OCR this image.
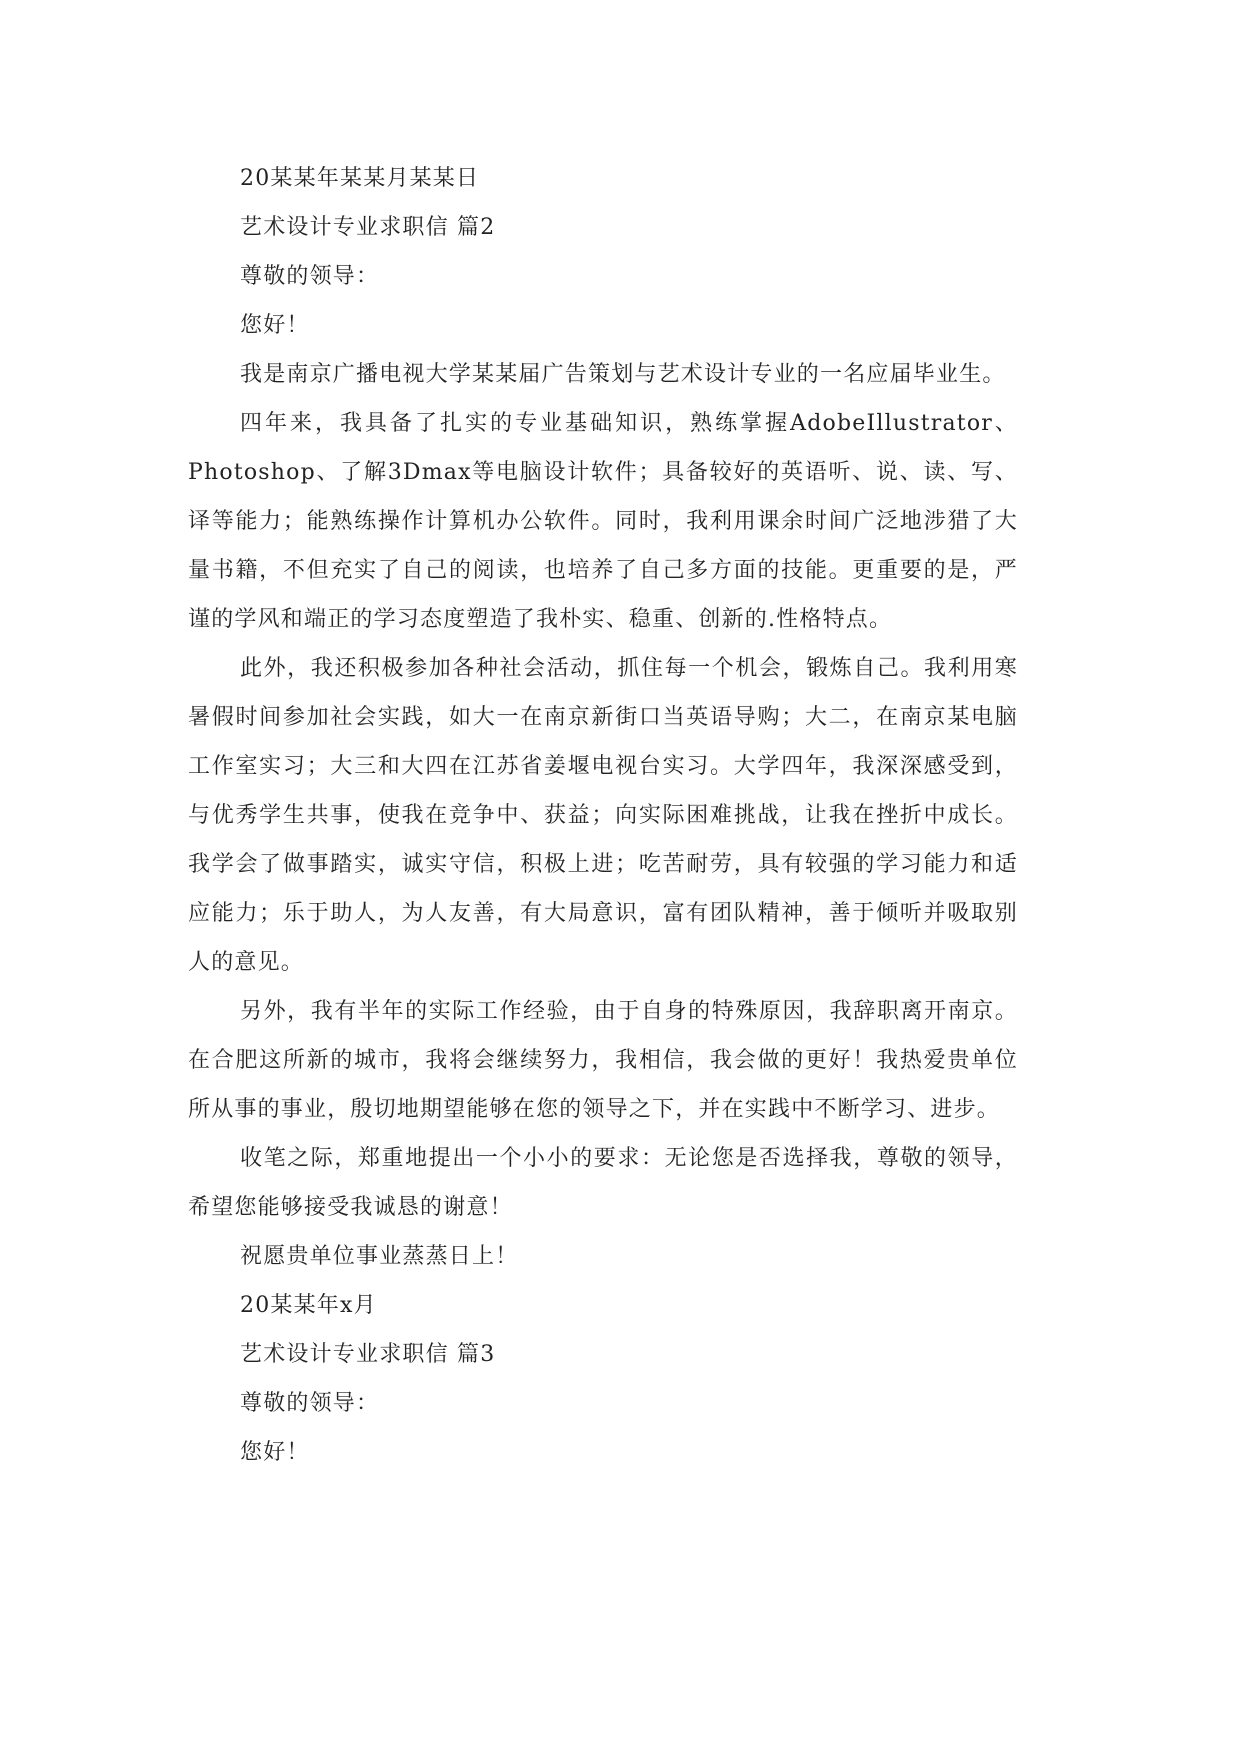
20某某年某某月某某日
艺术设计专业求职信 篇2
尊敬的领导：
您好！
我是南京广播电视大学某某届广告策划与艺术设计专业的一名应届毕业生。
四年来，我具备了扎实的专业基础知识，熟练掌握AdobeIllustrator、Photoshop、了解3Dmax等电脑设计软件；具备较好的英语听、说、读、写、译等能力；能熟练操作计算机办公软件。同时，我利用课余时间广泛地涉猎了大量书籍，不但充实了自己的阅读，也培养了自己多方面的技能。更重要的是，严谨的学风和端正的学习态度塑造了我朴实、稳重、创新的.性格特点。
此外，我还积极参加各种社会活动，抓住每一个机会，锻炼自己。我利用寒暑假时间参加社会实践，如大一在南京新街口当英语导购；大二，在南京某电脑工作室实习；大三和大四在江苏省姜堰电视台实习。大学四年，我深深感受到，与优秀学生共事，使我在竞争中、获益；向实际困难挑战，让我在挫折中成长。我学会了做事踏实，诚实守信，积极上进；吃苦耐劳，具有较强的学习能力和适应能力；乐于助人，为人友善，有大局意识，富有团队精神，善于倾听并吸取别人的意见。
另外，我有半年的实际工作经验，由于自身的特殊原因，我辞职离开南京。在合肥这所新的城市，我将会继续努力，我相信，我会做的更好！我热爱贵单位所从事的事业，殷切地期望能够在您的领导之下，并在实践中不断学习、进步。
收笔之际，郑重地提出一个小小的要求：无论您是否选择我，尊敬的领导，希望您能够接受我诚恳的谢意！
祝愿贵单位事业蒸蒸日上！
20某某年x月
艺术设计专业求职信 篇3
尊敬的领导：
您好！
